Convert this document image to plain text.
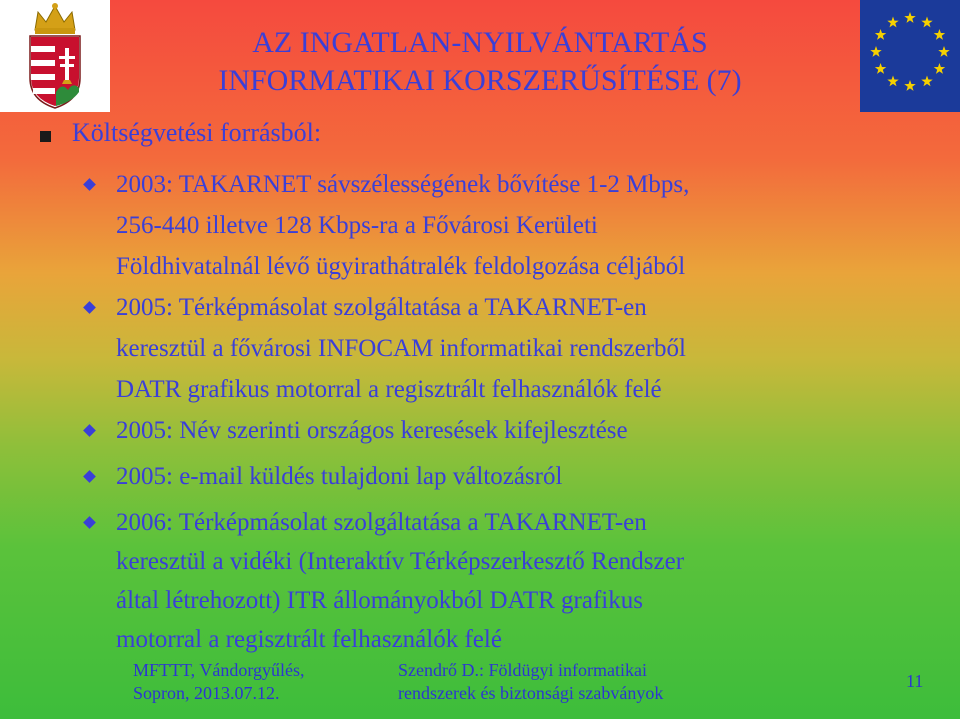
AZ INGATLAN-NYILVÁNTARTÁS
INFORMATIKAI KORSZERŰSÍTÉSE (7)
Költségvetési forrásból:
2003: TAKARNET sávszélességének bővítése 1-2 Mbps,
256-440 illetve 128 Kbps-ra a Fővárosi Kerületi
Földhivatalnál lévő ügyirathátralék feldolgozása céljából
2005: Térképmásolat szolgáltatása a TAKARNET-en
keresztül a fővárosi INFOCAM informatikai rendszerből
DATR grafikus motorral a regisztrált felhasználók felé
2005: Név szerinti országos keresések kifejlesztése
2005: e-mail küldés tulajdoni lap változásról
2006: Térképmásolat szolgáltatása a TAKARNET-en
keresztül a vidéki (Interaktív Térképszerkesztő Rendszer
által létrehozott) ITR állományokból DATR grafikus
motorral a regisztrált felhasználók felé
MFTTT, Vándorgyűlés,
Sopron, 2013.07.12.
Szendrő D.: Földügyi informatikai
rendszerek és biztonsági szabványok
11
